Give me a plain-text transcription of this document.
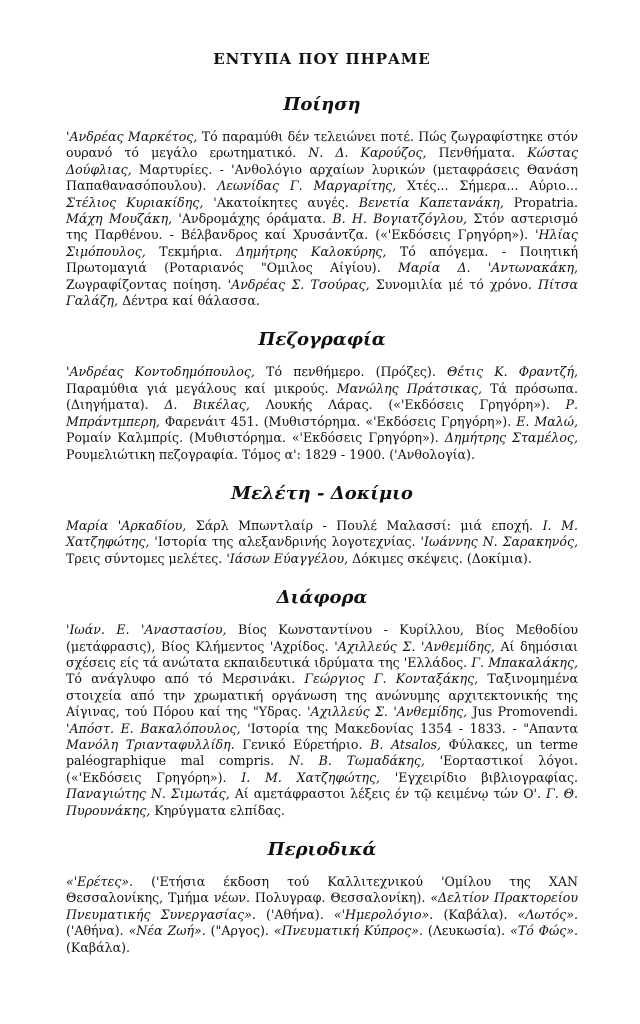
ΕΝΤΥΠΑ ΠΟΥ ΠΗΡΑΜΕ
Ποίηση

'Ανδρέας Μαρκέτος, Τό παραμύθι δέν τελειώνει ποτέ. Πώς ζωγραφίστηκε στόν ουρανό τό μεγάλο ερωτηματικό. Ν. Δ. Καρούζος, Πενθήματα. Κώστας Δούφλιας, Μαρτυρίες. - 'Ανθολόγιο αρχαίων λυρικών (μεταφράσεις Θανάση Παπαθανασόπουλου). Λεωνίδας Γ. Μαργαρίτης, Χτές... Σήμερα... Αύριο... Στέλιος Κυριακίδης, 'Ακατοίκητες αυγές. Βενετία Καπετανάκη, Propatria. Μάχη Μουζάκη, 'Ανδρομάχης όράματα. Β. Η. Βογιατζόγλου, Στόν αστερισμό της Παρθένου. - Βέλβανδρος καί Χρυσάντζα. («'Εκδόσεις Γρηγόρη»). 'Ηλίας Σιμόπουλος, Τεκμήρια. Δημήτρης Καλοκύρης, Τό απόγεμα. - Ποιητική Πρωτομαγιά (Ροταριανός "Ομιλος Αίγίου). Μαρία Δ. 'Αντωνακάκη, Ζωγραφίζοντας ποίηση. 'Ανδρέας Σ. Τσούρας, Συνομιλία μέ τό χρόνο. Πίτσα Γαλάζη, Δέντρα καί θάλασσα.

Πεζογραφία

'Ανδρέας Κοντοδημόπουλος, Τό πενθήμερο. (Πρόζες). Θέτις Κ. Φραντζή, Παραμύθια γιά μεγάλους καί μικρούς. Μανώλης Πράτσικας, Τά πρόσωπα. (Διηγήματα). Δ. Βικέλας, Λουκής Λάρας. («'Εκδόσεις Γρηγόρη»). Ρ. Μπράντμπερη, Φαρενάιτ 451. (Μυθιστόρημα. «'Εκδόσεις Γρηγόρη»). Ε. Μαλώ, Ρομαίν Καλμπρίς. (Μυθιστόρημα. «'Εκδόσεις Γρηγόρη»). Δημήτρης Σταμέλος, Ρουμελιώτικη πεζογραφία. Τόμος α': 1829 - 1900. ('Ανθολογία).

Μελέτη - Δοκίμιο

Μαρία 'Αρκαδίου, Σάρλ Μπωντλαίρ - Πουλέ Μαλασσί: μιά εποχή. Ι. Μ. Χατζηφώτης, 'Ιστορία της αλεξανδρινής λογοτεχνίας. 'Ιωάννης Ν. Σαρακηνός, Τρεις σύντομες μελέτες. 'Ιάσων Εύαγγέλου, Δόκιμες σκέψεις. (Δοκίμια).

Διάφορα

'Ιωάν. Ε. 'Αναστασίου, Βίος Κωνσταντίνου - Κυρίλλου, Βίος Μεθοδίου (μετάφρασις), Βίος Κλήμεντος 'Αχρίδος. 'Αχιλλεύς Σ. 'Ανθεμίδης, Αί δημόσιαι σχέσεις είς τά ανώτατα εκπαιδευτικά ιδρύματα της 'Ελλάδος. Γ. Μπακαλάκης, Τό ανάγλυφο από τό Μερσινάκι. Γεώργιος Γ. Κονταξάκης, Ταξινομημένα στοιχεία από την χρωματική οργάνωση της ανώνυμης αρχιτεκτονικής της Αίγινας, τού Πόρου καί της "Υδρας. 'Αχιλλεύς Σ. 'Ανθεμίδης, Jus Promovendi. 'Απόστ. Ε. Βακαλόπουλος, 'Ιστορία της Μακεδονίας 1354 - 1833. - "Απαντα Μανόλη Τριανταφυλλίδη. Γενικό Εύρετήριο. Β. Atsalos, Φύλακες, un terme paléographique mal compris. Ν. Β. Τωμαδάκης, 'Εορταστικοί λόγοι. («'Εκδόσεις Γρηγόρη»). Ι. Μ. Χατζηφώτης, 'Εγχειρίδιο βιβλιογραφίας. Παναγιώτης Ν. Σιμωτάς, Αί αμετάφραστοι λέξεις έν τῷ κειμένῳ τών Ο'. Γ. Θ. Πυρουνάκης, Κηρύγματα ελπίδας.

Περιοδικά

«'Ερέτες». ('Ετήσια έκδοση τού Καλλιτεχνικού 'Ομίλου της ΧΑΝ Θεσσαλονίκης, Τμήμα νέων. Πολυγραφ. Θεσσαλονίκη). «Δελτίον Πρακτορείου Πνευματικής Συνεργασίας». ('Αθήνα). «'Ημερολόγιο». (Καβάλα). «Λωτός». ('Αθήνα). «Νέα Ζωή». ("Αργος). «Πνευματική Κύπρος». (Λευκωσία). «Τό Φώς». (Καβάλα).
